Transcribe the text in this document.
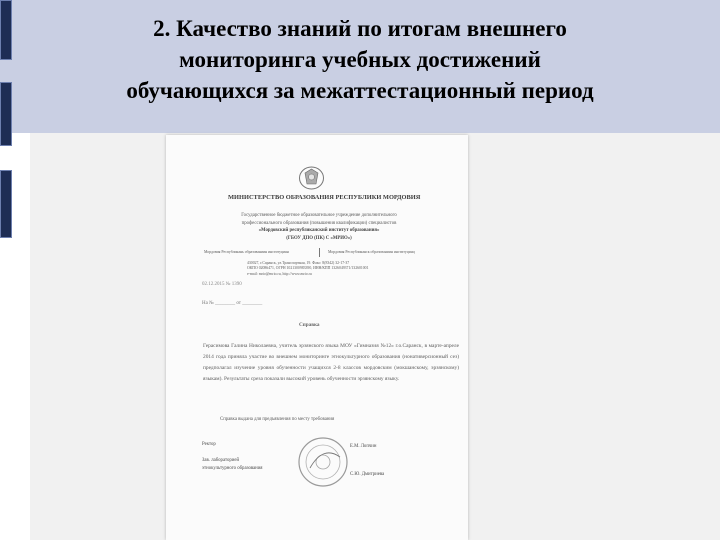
2. Качество знаний по итогам внешнего
мониторинга учебных достижений
обучающихся за межаттестационный период
МИНИСТЕРСТВО ОБРАЗОВАНИЯ РЕСПУБЛИКИ МОРДОВИЯ
Государственное бюджетное образовательное учреждение дополнительного
профессионального образования (повышения квалификации) специалистов
«Мордовский республиканский институт образования»
(ГБОУ ДПО (ПК) С «МРИО»)
Мордовия Республикань образованиин институциян	Мордовия Республиканск образованиин институцияц
430027, г.Саранск, ул.Транспортная, 19. Факс: 8(8342) 32-17-37
ОКПО 02086471, ОГРН 1021300983390, ИНН/КПП 1326049371/132601001
e-mail: mrio@mrio.ru, http://www.mrio.ru
02.12.2015 № 1390
На № ________ от ________
Справка
Герасимова Галина Николаевна, учитель эрзянского языка МОУ «Гимназия №12» г.о.Саранск, в марте-апреле 2014 года приняла участие во внешнем мониторинге этнокультурного образования (нонативерсионный сез) предполагал изучение уровня обученности учащихся 2-8 классов мордовским (мокшанскому, эрзянскому) языкам). Результаты среза показали высокий уровень обученности эрзянскому языку.
Справка выдана для предъявления по месту требования
Ректор
Зав. лабораторией
этнокультурного образования
Е.М. Лопчин
С.Ю. Дмитриева
